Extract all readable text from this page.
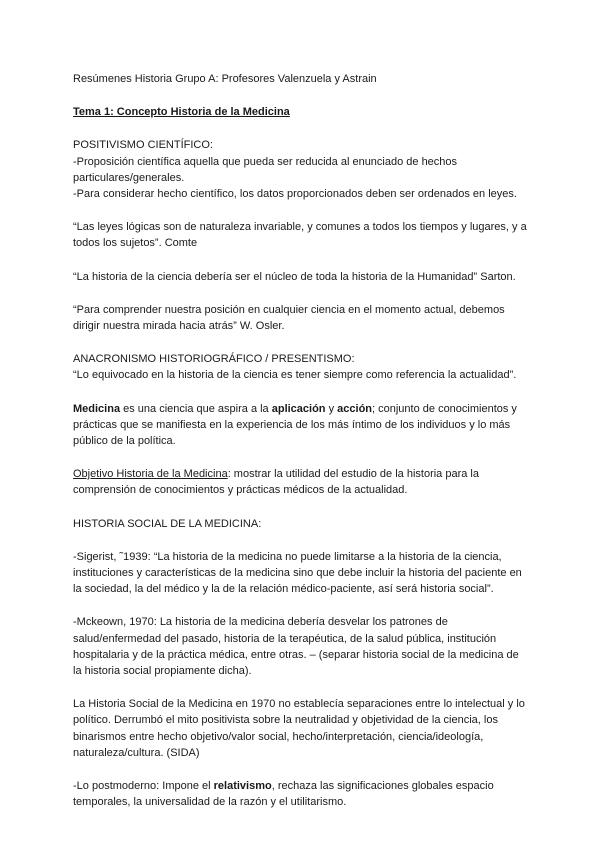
Resúmenes Historia Grupo A: Profesores Valenzuela y Astrain

Tema 1: Concepto Historia de la Medicina

POSITIVISMO CIENTÍFICO:

-Proposición científica aquella que pueda ser reducida al enunciado de hechos particulares/generales.

-Para considerar hecho científico, los datos proporcionados deben ser ordenados en leyes.

“Las leyes lógicas son de naturaleza invariable, y comunes a todos los tiempos y lugares, y a todos los sujetos”. Comte

“La historia de la ciencia debería ser el núcleo de toda la historia de la Humanidad” Sarton.

“Para comprender nuestra posición en cualquier ciencia en el momento actual, debemos dirigir nuestra mirada hacia atrás” W. Osler.

ANACRONISMO HISTORIOGRÁFICO / PRESENTISMO:

“Lo equivocado en la historia de la ciencia es tener siempre como referencia la actualidad”.

Medicina es una ciencia que aspira a la aplicación y acción; conjunto de conocimientos y prácticas que se manifiesta en la experiencia de los más íntimo de los individuos y lo más público de la política.

Objetivo Historia de la Medicina: mostrar la utilidad del estudio de la historia para la comprensión de conocimientos y prácticas médicos de la actualidad.

HISTORIA SOCIAL DE LA MEDICINA:

-Sigerist, ˜1939: “La historia de la medicina no puede limitarse a la historia de la ciencia, instituciones y características de la medicina sino que debe incluir la historia del paciente en la sociedad, la del médico y la de la relación médico-paciente, así será historia social”.

-Mckeown, 1970: La historia de la medicina debería desvelar los patrones de salud/enfermedad del pasado, historia de la terapéutica, de la salud pública, institución hospitalaria y de la práctica médica, entre otras. – (separar historia social de la medicina de la historia social propiamente dicha).

La Historia Social de la Medicina en 1970 no establecía separaciones entre lo intelectual y lo político. Derrumbó el mito positivista sobre la neutralidad y objetividad de la ciencia, los binarismos entre hecho objetivo/valor social, hecho/interpretación, ciencia/ideología, naturaleza/cultura. (SIDA)

-Lo postmoderno: Impone el relativismo, rechaza las significaciones globales espacio temporales, la universalidad de la razón y el utilitarismo.
